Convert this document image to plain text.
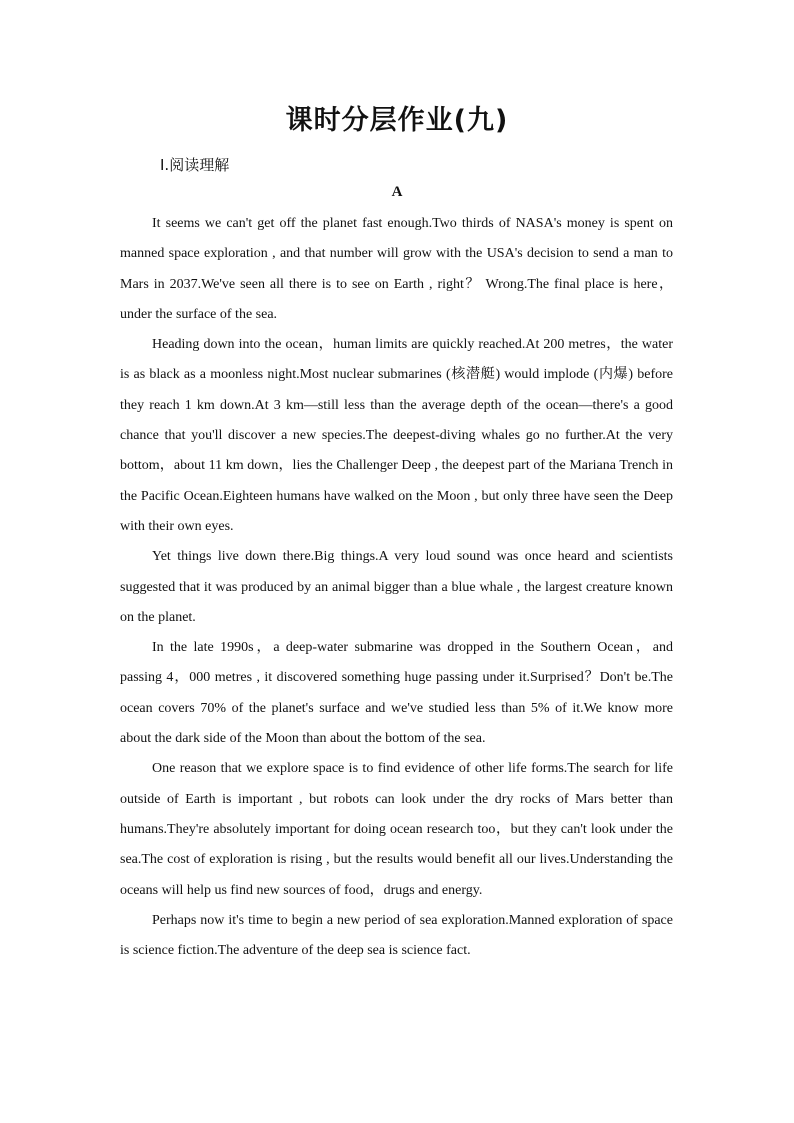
课时分层作业(九)
Ⅰ.阅读理解
A

It seems we can't get off the planet fast enough.Two thirds of NASA's money is spent on manned space exploration , and that number will grow with the USA's decision to send a man to Mars in 2037.We've seen all there is to see on Earth , right？ Wrong.The final place is here，under the surface of the sea.

Heading down into the ocean，human limits are quickly reached.At 200 metres，the water is as black as a moonless night.Most nuclear submarines (核潜艇) would implode (内爆) before they reach 1 km down.At 3 km—still less than the average depth of the ocean—there's a good chance that you'll discover a new species.The deepest-diving whales go no further.At the very bottom，about 11 km down，lies the Challenger Deep , the deepest part of the Mariana Trench in the Pacific Ocean.Eighteen humans have walked on the Moon , but only three have seen the Deep with their own eyes.

Yet things live down there.Big things.A very loud sound was once heard and scientists suggested that it was produced by an animal bigger than a blue whale , the largest creature known on the planet.

In the late 1990s，a deep-water submarine was dropped in the Southern Ocean，and passing 4，000 metres , it discovered something huge passing under it.Surprised？Don't be.The ocean covers 70% of the planet's surface and we've studied less than 5% of it.We know more about the dark side of the Moon than about the bottom of the sea.

One reason that we explore space is to find evidence of other life forms.The search for life outside of Earth is important , but robots can look under the dry rocks of Mars better than humans.They're absolutely important for doing ocean research too，but they can't look under the sea.The cost of exploration is rising , but the results would benefit all our lives.Understanding the oceans will help us find new sources of food，drugs and energy.

Perhaps now it's time to begin a new period of sea exploration.Manned exploration of space is science fiction.The adventure of the deep sea is science fact.
